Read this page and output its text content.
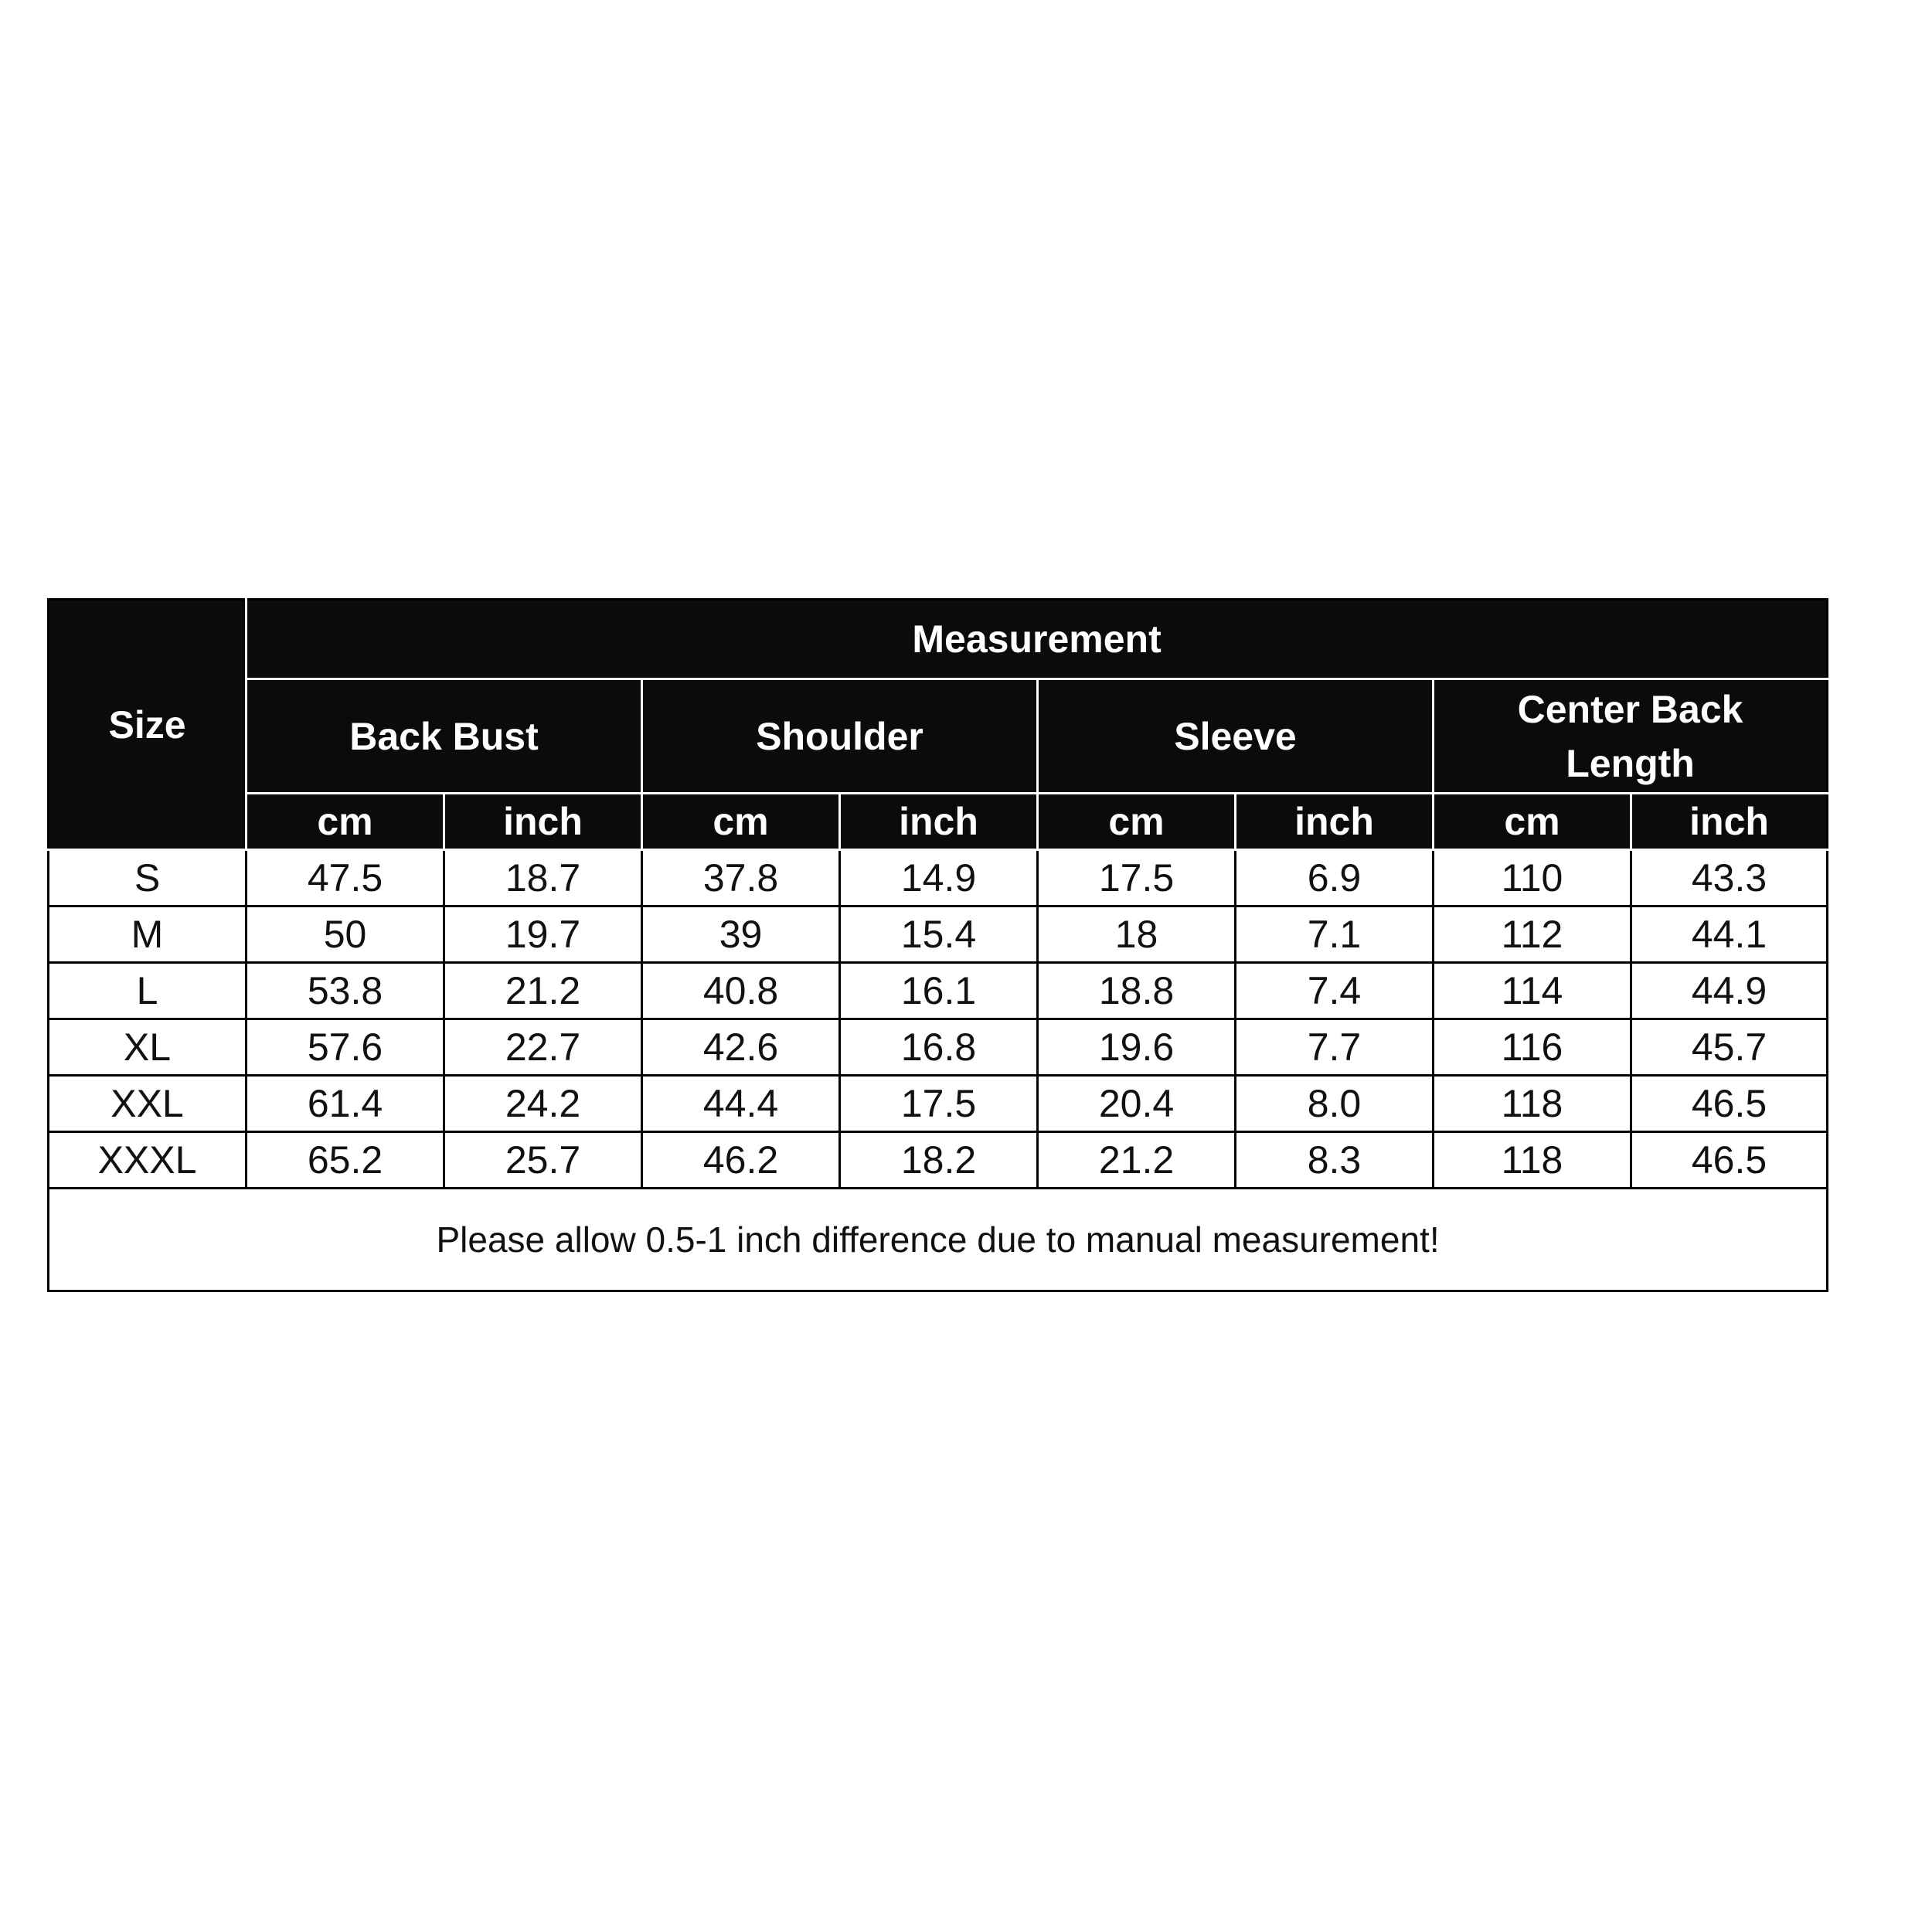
Size	Measurement							
	Back Bust		Shoulder		Sleeve		Center Back Length	
	cm	inch	cm	inch	cm	inch	cm	inch
S	47.5	18.7	37.8	14.9	17.5	6.9	110	43.3
M	50	19.7	39	15.4	18	7.1	112	44.1
L	53.8	21.2	40.8	16.1	18.8	7.4	114	44.9
XL	57.6	22.7	42.6	16.8	19.6	7.7	116	45.7
XXL	61.4	24.2	44.4	17.5	20.4	8.0	118	46.5
XXXL	65.2	25.7	46.2	18.2	21.2	8.3	118	46.5
Please allow 0.5-1 inch difference due to manual measurement!								
